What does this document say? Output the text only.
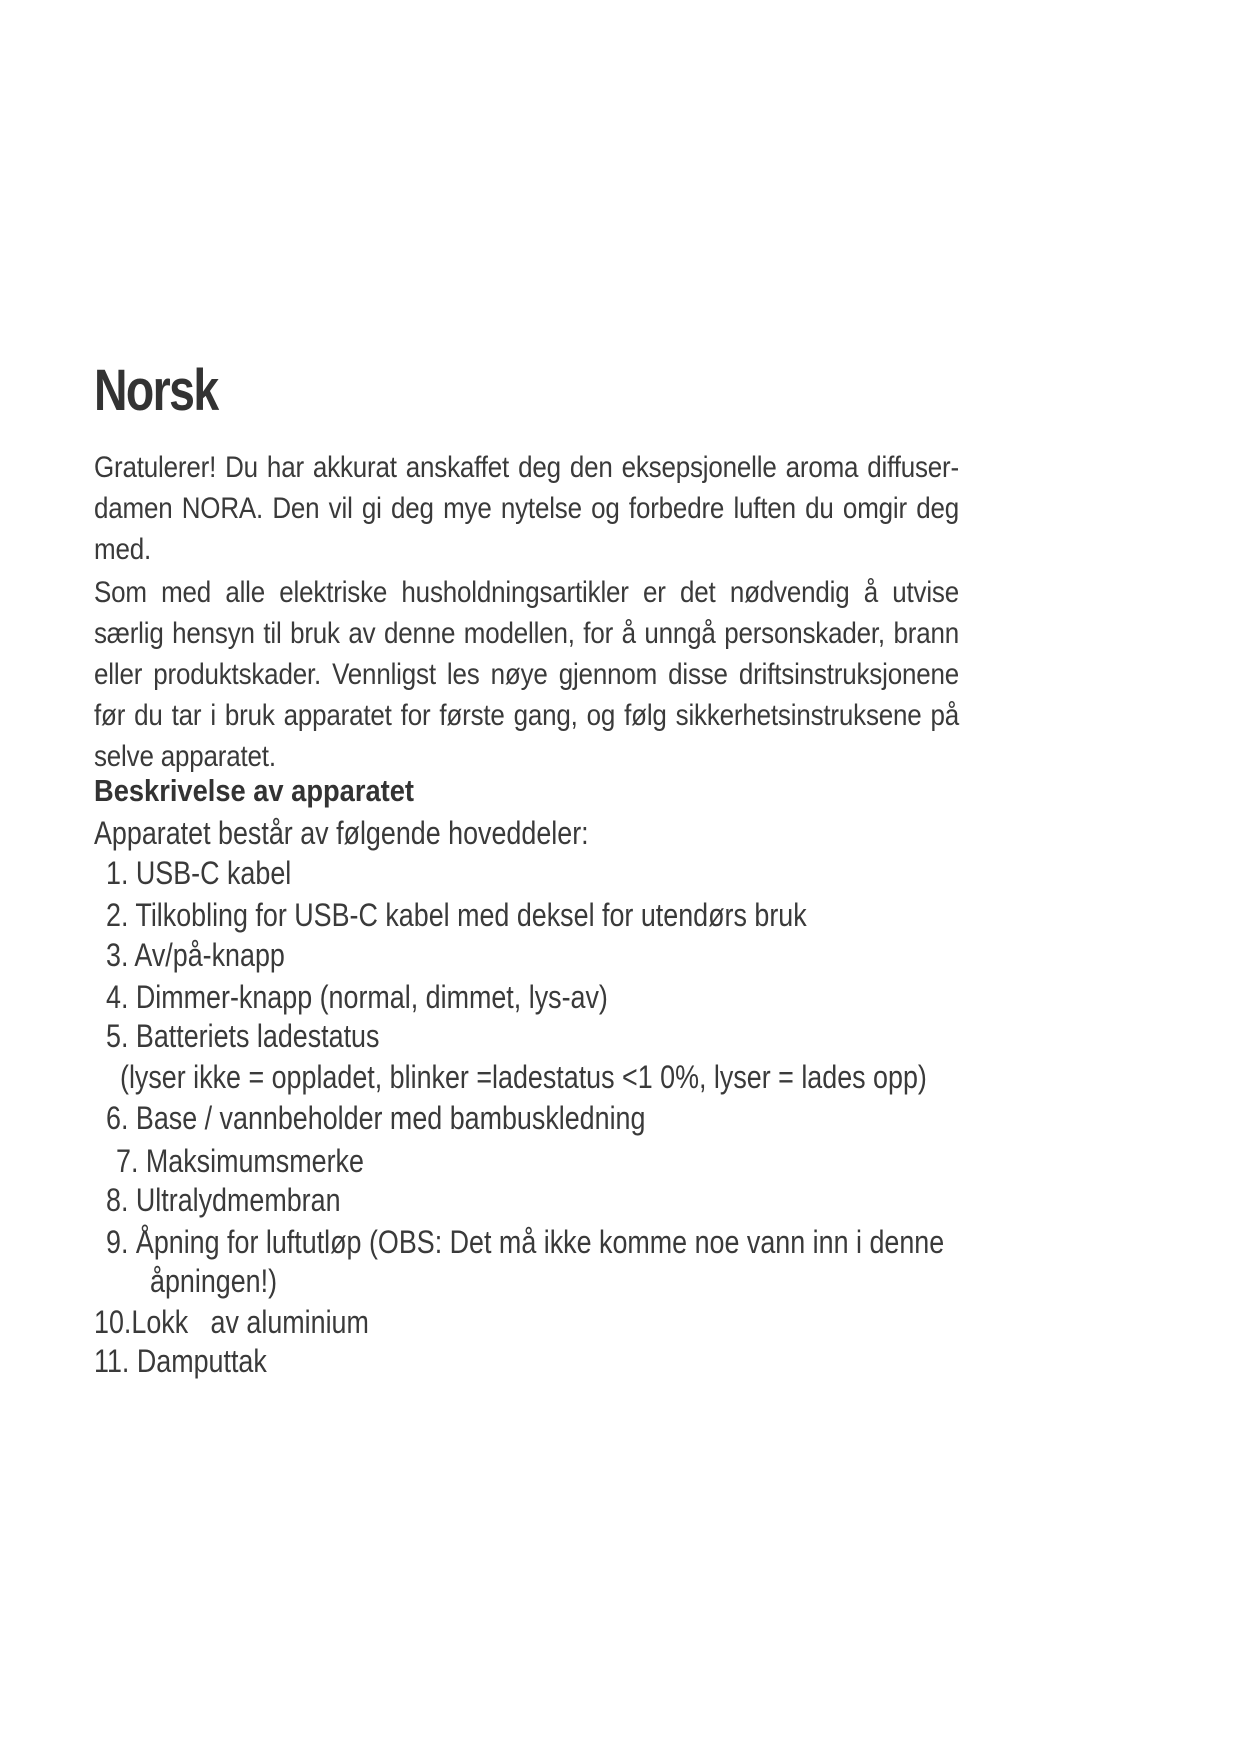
Norsk

Gratulerer! Du har akkurat anskaffet deg den eksepsjonelle aroma diffuser-damen NORA. Den vil gi deg mye nytelse og forbedre luften du omgir deg med.

Som med alle elektriske husholdningsartikler er det nødvendig å utvise særlig hensyn til bruk av denne modellen, for å unngå personskader, brann eller produktskader. Vennligst les nøye gjennom disse driftsinstruksjonene før du tar i bruk apparatet for første gang, og følg sikkerhetsinstruksene på selve apparatet.

Beskrivelse av apparatet

Apparatet består av følgende hoveddeler:

1. USB-C kabel

2. Tilkobling for USB-C kabel med deksel for utendørs bruk

3. Av/på-knapp

4. Dimmer-knapp (normal, dimmet, lys-av)

5. Batteriets ladestatus

(lyser ikke = oppladet, blinker =ladestatus <1 0%, lyser = lades opp)

6. Base / vannbeholder med bambuskledning

7. Maksimumsmerke

8. Ultralydmembran

9. Åpning for luftutløp (OBS: Det må ikke komme noe vann inn i denne

åpningen!)

10.Lokk   av aluminium

11. Damputtak
